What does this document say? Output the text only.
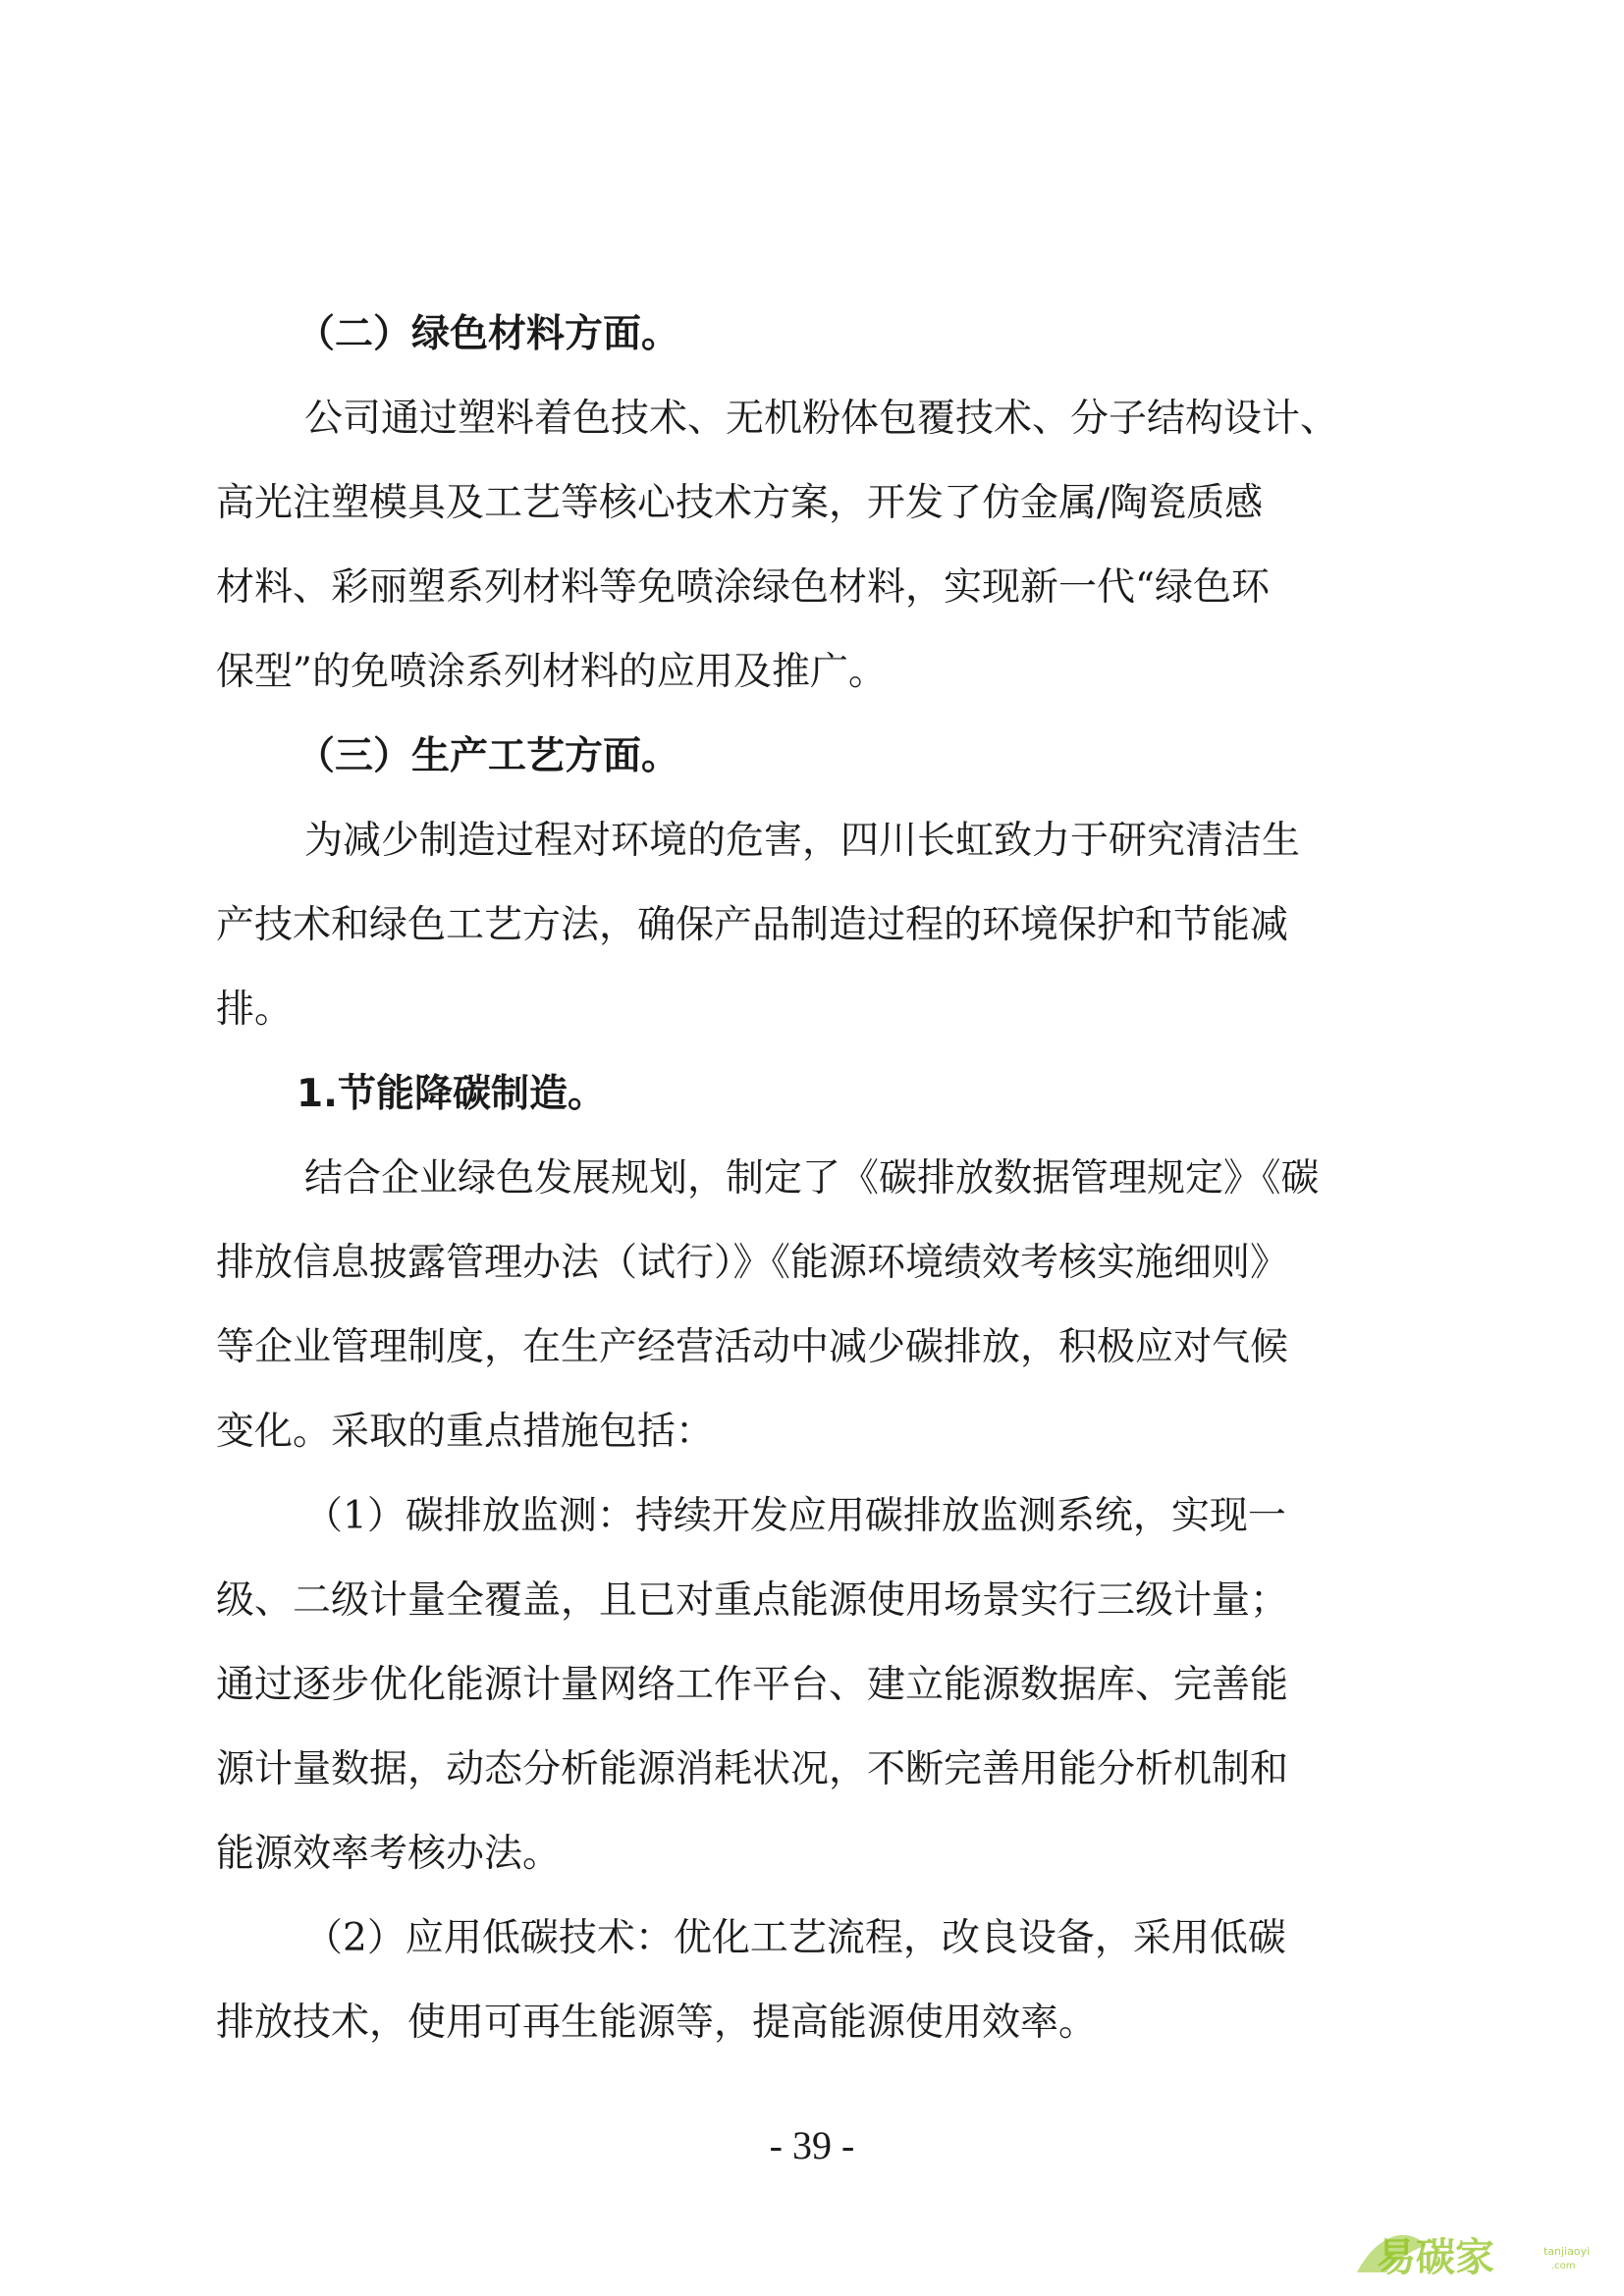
（二）绿色材料方面。

公司通过塑料着色技术、无机粉体包覆技术、分子结构设计、
高光注塑模具及工艺等核心技术方案，开发了仿金属/陶瓷质感
材料、彩丽塑系列材料等免喷涂绿色材料，实现新一代“绿色环
保型”的免喷涂系列材料的应用及推广。

（三）生产工艺方面。

为减少制造过程对环境的危害，四川长虹致力于研究清洁生
产技术和绿色工艺方法，确保产品制造过程的环境保护和节能减
排。

1.节能降碳制造。

结合企业绿色发展规划，制定了《碳排放数据管理规定》《碳
排放信息披露管理办法（试行）》《能源环境绩效考核实施细则》
等企业管理制度，在生产经营活动中减少碳排放，积极应对气候
变化。采取的重点措施包括：

（1）碳排放监测：持续开发应用碳排放监测系统，实现一
级、二级计量全覆盖，且已对重点能源使用场景实行三级计量；
通过逐步优化能源计量网络工作平台、建立能源数据库、完善能
源计量数据，动态分析能源消耗状况，不断完善用能分析机制和
能源效率考核办法。

（2）应用低碳技术：优化工艺流程，改良设备，采用低碳
排放技术，使用可再生能源等，提高能源使用效率。

- 39 -
易碳家	tanjiaoyi
.com
